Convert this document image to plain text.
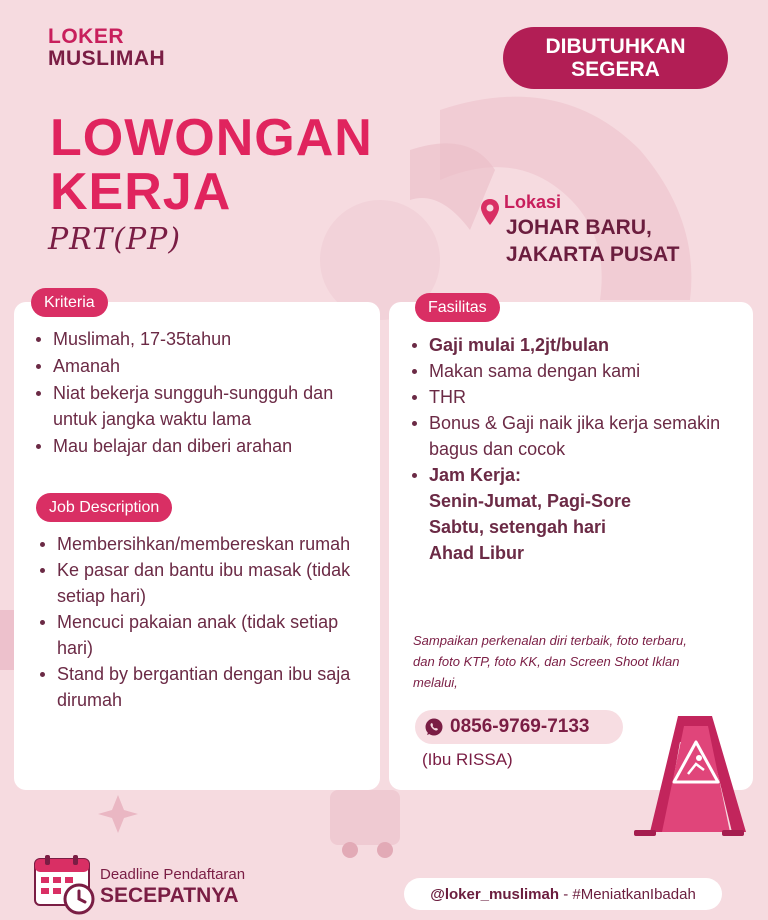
LOKER
MUSLIMAH
DIBUTUHKAN
SEGERA
LOWONGAN
KERJA
PRT(PP)
Lokasi
JOHAR BARU,
JAKARTA PUSAT
Kriteria
Muslimah, 17-35tahun
Amanah
Niat bekerja sungguh-sungguh dan untuk jangka waktu lama
Mau belajar dan diberi arahan
Job Description
Membersihkan/membereskan rumah
Ke pasar dan bantu ibu masak (tidak setiap hari)
Mencuci pakaian anak (tidak setiap hari)
Stand by bergantian dengan ibu saja dirumah
Fasilitas
Gaji mulai 1,2jt/bulan
Makan sama dengan kami
THR
Bonus & Gaji naik jika kerja semakin bagus dan cocok
Jam Kerja:
Senin-Jumat, Pagi-Sore
Sabtu, setengah hari
Ahad Libur
Sampaikan perkenalan diri terbaik, foto terbaru, dan foto KTP, foto KK, dan Screen Shoot Iklan melalui,
0856-9769-7133
(Ibu RISSA)
Deadline Pendaftaran
SECEPATNYA	@loker_muslimah - #MeniatkanIbadah
